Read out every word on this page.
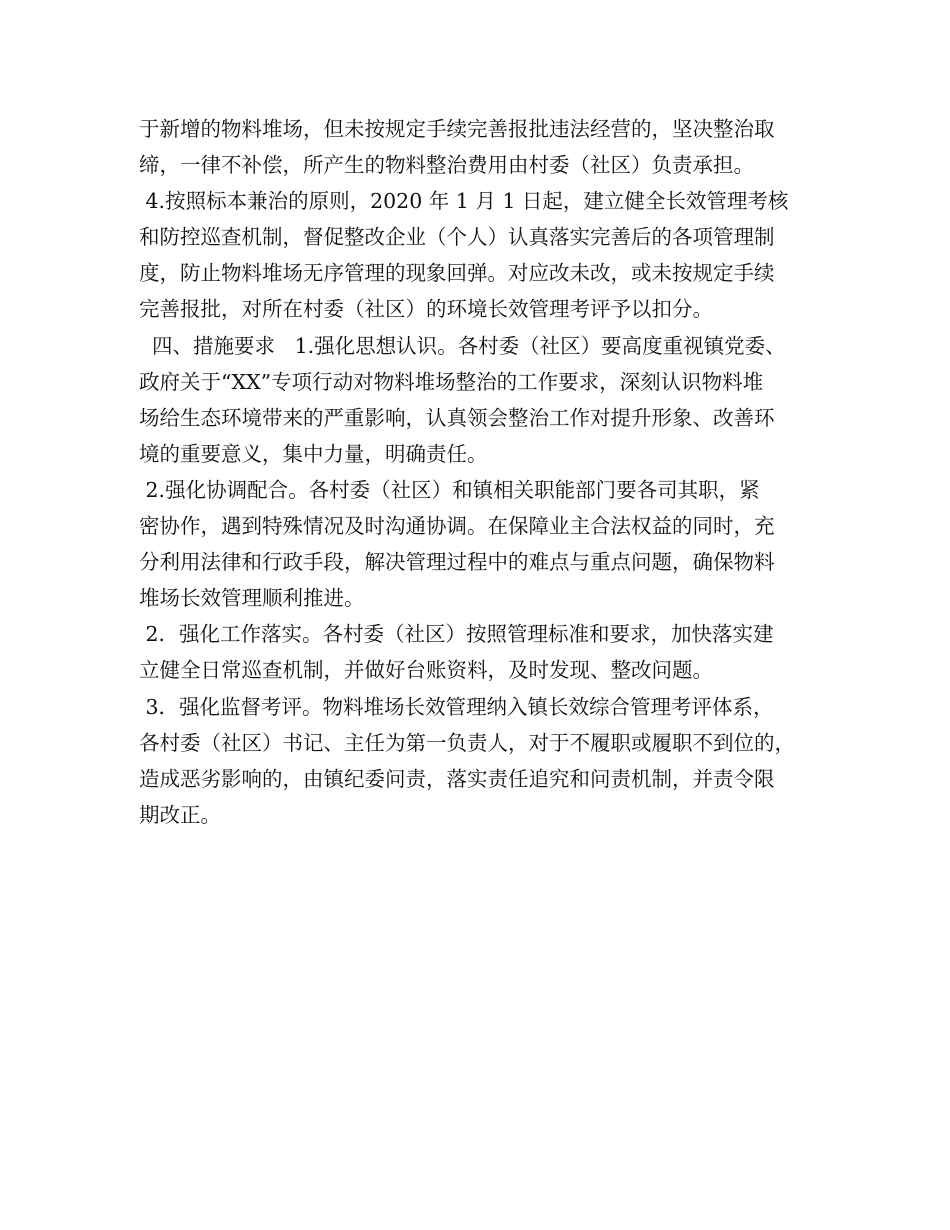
于新增的物料堆场，但未按规定手续完善报批违法经营的，坚决整治取
缔，一律不补偿，所产生的物料整治费用由村委（社区）负责承担。
4.按照标本兼治的原则，2020 年 1 月 1 日起，建立健全长效管理考核
和防控巡查机制，督促整改企业（个人）认真落实完善后的各项管理制
度，防止物料堆场无序管理的现象回弹。对应改未改，或未按规定手续
完善报批，对所在村委（社区）的环境长效管理考评予以扣分。
四、措施要求   1.强化思想认识。各村委（社区）要高度重视镇党委、
政府关于“XX”专项行动对物料堆场整治的工作要求，深刻认识物料堆
场给生态环境带来的严重影响，认真领会整治工作对提升形象、改善环
境的重要意义，集中力量，明确责任。
2.强化协调配合。各村委（社区）和镇相关职能部门要各司其职，紧
密协作，遇到特殊情况及时沟通协调。在保障业主合法权益的同时，充
分利用法律和行政手段，解决管理过程中的难点与重点问题，确保物料
堆场长效管理顺利推进。
2．强化工作落实。各村委（社区）按照管理标准和要求，加快落实建
立健全日常巡查机制，并做好台账资料，及时发现、整改问题。
3．强化监督考评。物料堆场长效管理纳入镇长效综合管理考评体系，
各村委（社区）书记、主任为第一负责人，对于不履职或履职不到位的，
造成恶劣影响的，由镇纪委问责，落实责任追究和问责机制，并责令限
期改正。
